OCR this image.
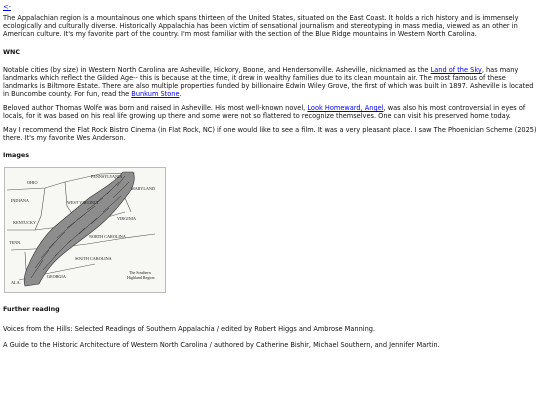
<-

The Appalachian region is a mountainous one which spans thirteen of the United States, situated on the East Coast. It holds a rich history and is immensely ecologically and culturally diverse. Historically Appalachia has been victim of sensational journalism and stereotyping in mass media, viewed as an other in American culture. It's my favorite part of the country. I'm most familiar with the section of the Blue Ridge mountains in Western North Carolina.

WNC

Notable cities (by size) in Western North Carolina are Asheville, Hickory, Boone, and Hendersonville. Asheville, nicknamed as the Land of the Sky, has many landmarks which reflect the Gilded Age-- this is because at the time, it drew in wealthy families due to its clean mountain air. The most famous of these landmarks is Biltmore Estate. There are also multiple properties funded by billionaire Edwin Wiley Grove, the first of which was built in 1897. Asheville is located in Buncombe county. For fun, read the Bunkum Stone.

Beloved author Thomas Wolfe was born and raised in Asheville. His most well-known novel, Look Homeward, Angel, was also his most controversial in eyes of locals, for it was based on his real life growing up there and some were not so flattered to recognize themselves. One can visit his preserved home today.

May I recommend the Flat Rock Bistro Cinema (in Flat Rock, NC) if one would like to see a film. It was a very pleasant place. I saw The Phoenician Scheme (2025) there. It's my favorite Wes Anderson.

Images
OHIO
PENNSYLVANIA
MARYLAND
INDIANA	WEST VIRGINIA
KENTUCKY
VIRGINIA
NORTH CAROLINA
TENN.
SOUTH CAROLINA
ALA.
GEORGIA
The Southern
Highland Region
Further reading

Voices from the Hills: Selected Readings of Southern Appalachia / edited by Robert Higgs and Ambrose Manning.

A Guide to the Historic Architecture of Western North Carolina / authored by Catherine Bishir, Michael Southern, and Jennifer Martin.
